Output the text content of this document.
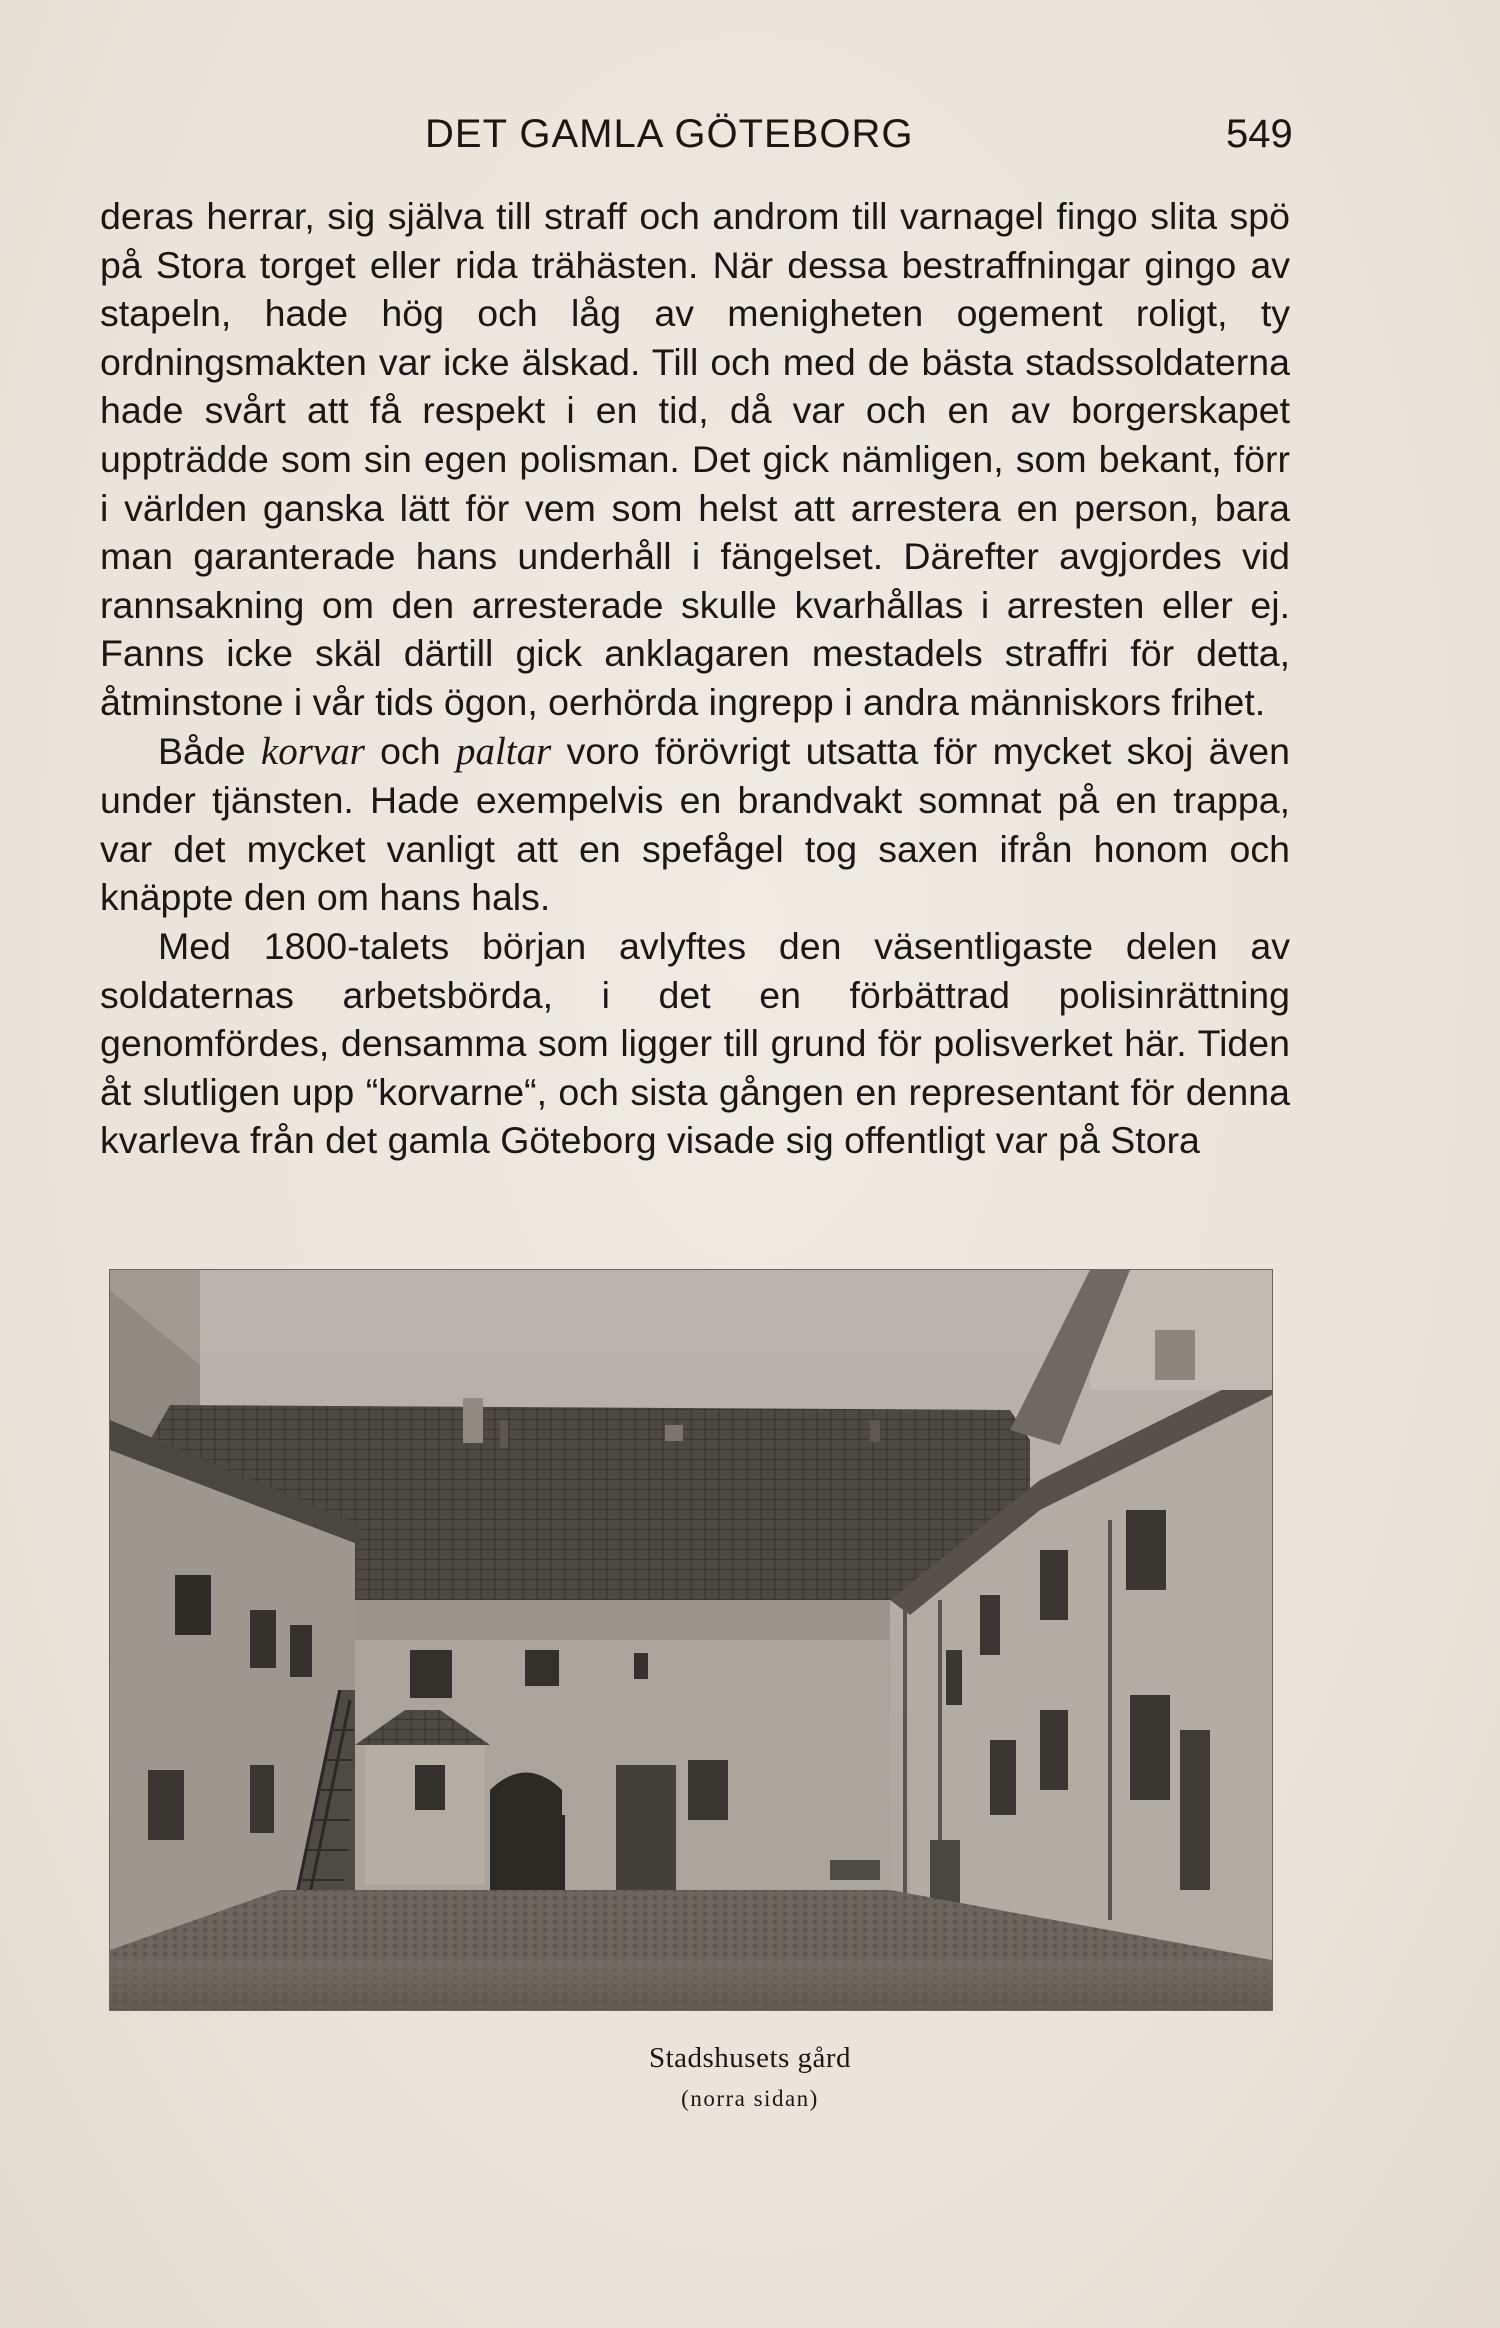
DET GAMLA GÖTEBORG	549

deras herrar, sig själva till straff och androm till varnagel fingo slita spö på Stora torget eller rida trähästen. När dessa bestraffningar gingo av stapeln, hade hög och låg av menigheten ogement roligt, ty ordningsmakten var icke älskad. Till och med de bästa stadssoldaterna hade svårt att få respekt i en tid, då var och en av borgerskapet uppträdde som sin egen polisman. Det gick nämligen, som bekant, förr i världen ganska lätt för vem som helst att arrestera en person, bara man garanterade hans underhåll i fängelset. Därefter avgjordes vid rannsakning om den arresterade skulle kvarhållas i arresten eller ej. Fanns icke skäl därtill gick anklagaren mestadels straffri för detta, åtminstone i vår tids ögon, oerhörda ingrepp i andra människors frihet.

Både korvar och paltar voro förövrigt utsatta för mycket skoj även under tjänsten. Hade exempelvis en brandvakt somnat på en trappa, var det mycket vanligt att en spefågel tog saxen ifrån honom och knäppte den om hans hals.

Med 1800-talets början avlyftes den väsentligaste delen av soldaternas arbetsbörda, i det en förbättrad polisinrättning genomfördes, densamma som ligger till grund för polisverket här. Tiden åt slutligen upp “korvarne“, och sista gången en representant för denna kvarleva från det gamla Göteborg visade sig offentligt var på Stora

Stadshusets gård
(norra sidan)
